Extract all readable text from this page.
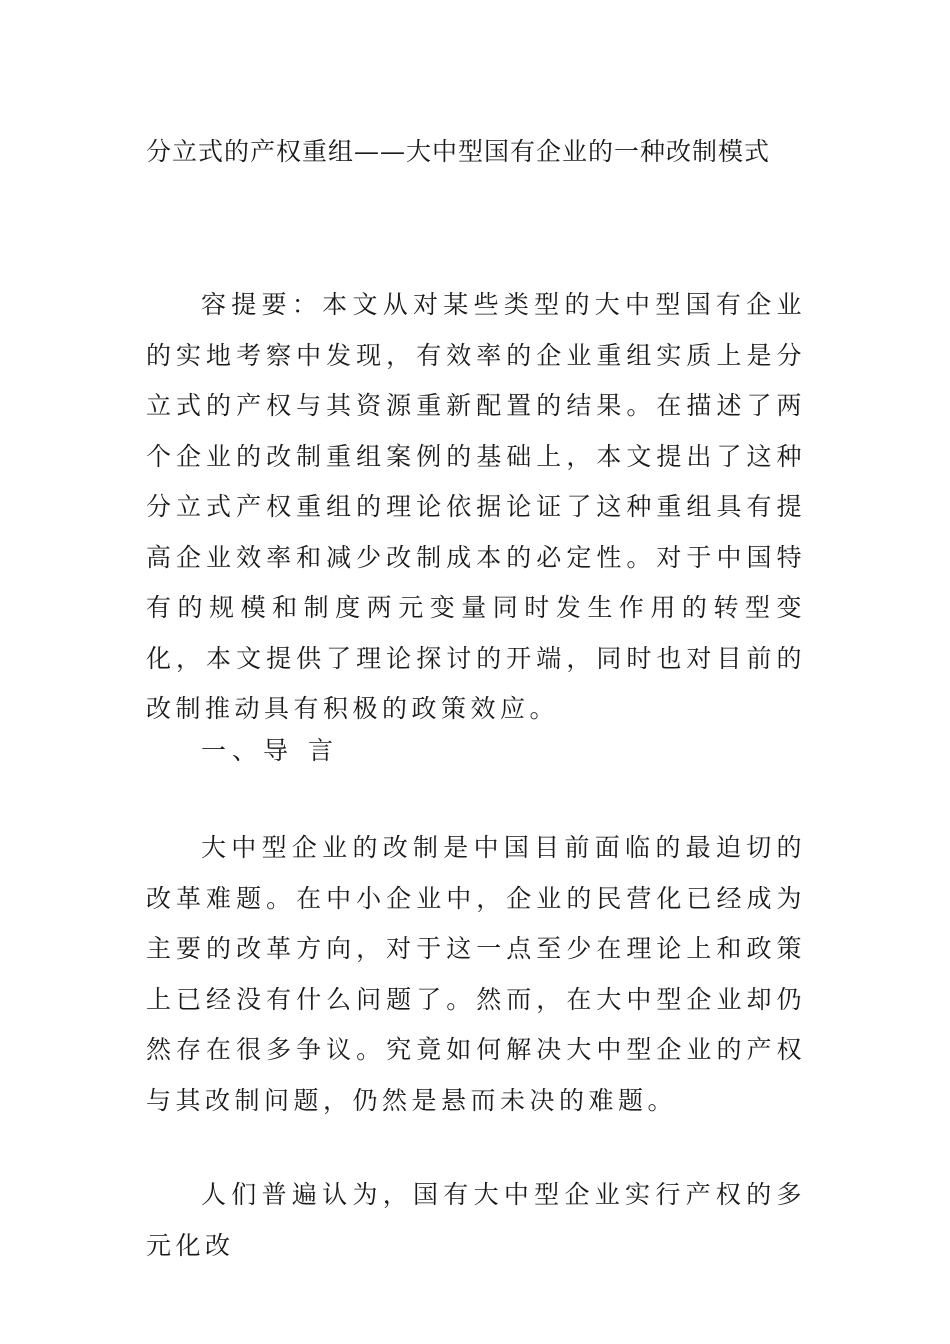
分立式的产权重组——大中型国有企业的一种改制模式
容提要：本文从对某些类型的大中型国有企业的实地考察中发现，有效率的企业重组实质上是分立式的产权与其资源重新配置的结果。在描述了两个企业的改制重组案例的基础上，本文提出了这种分立式产权重组的理论依据论证了这种重组具有提高企业效率和减少改制成本的必定性。对于中国特有的规模和制度两元变量同时发生作用的转型变化，本文提供了理论探讨的开端，同时也对目前的改制推动具有积极的政策效应。
一、导 言
大中型企业的改制是中国目前面临的最迫切的改革难题。在中小企业中，企业的民营化已经成为主要的改革方向，对于这一点至少在理论上和政策上已经没有什么问题了。然而，在大中型企业却仍然存在很多争议。究竟如何解决大中型企业的产权与其改制问题，仍然是悬而未决的难题。
人们普遍认为，国有大中型企业实行产权的多元化改
